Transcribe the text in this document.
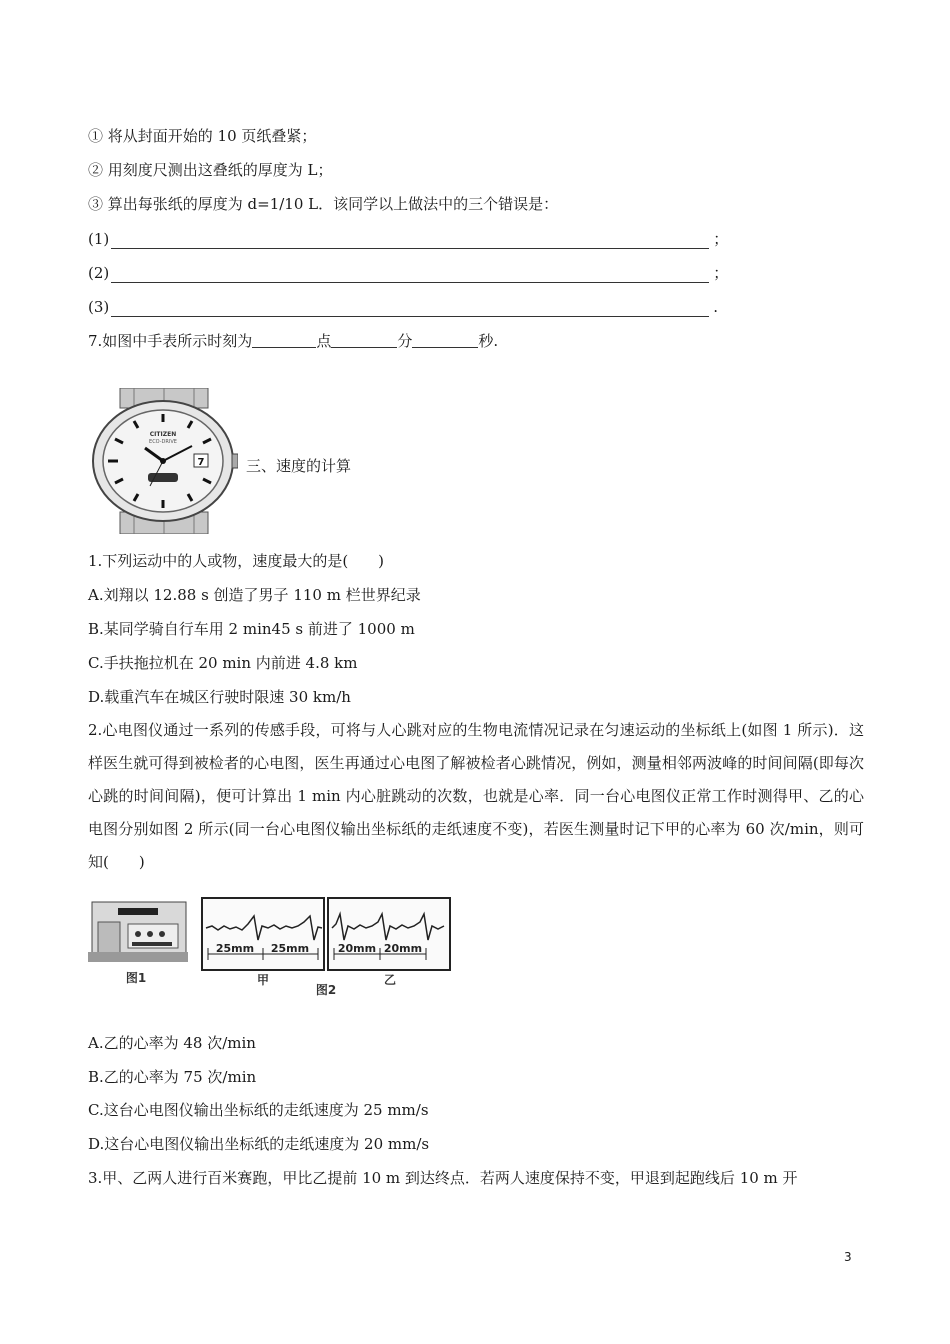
① 将从封面开始的 10 页纸叠紧；
② 用刻度尺测出这叠纸的厚度为 L；
③ 算出每张纸的厚度为 d=1/10 L．该同学以上做法中的三个错误是：
(1)	；
(2)	；
(3)	.
7.如图中手表所示时刻为	点	分	秒.
CITIZEN
ECO-DRIVE
7	三、速度的计算
1.下列运动中的人或物，速度最大的是(　　)
A.刘翔以 12.88 s 创造了男子 110 m 栏世界纪录
B.某同学骑自行车用 2 min45 s 前进了 1000 m
C.手扶拖拉机在 20 min 内前进 4.8 km
D.载重汽车在城区行驶时限速 30 km/h
2.心电图仪通过一系列的传感手段，可将与人心跳对应的生物电流情况记录在匀速运动的坐标纸上(如图 1 所示)．这样医生就可得到被检者的心电图，医生再通过心电图了解被检者心跳情况，例如，测量相邻两波峰的时间间隔(即每次心跳的时间间隔)，便可计算出 1 min 内心脏跳动的次数，也就是心率．同一台心电图仪正常工作时测得甲、乙的心电图分别如图 2 所示(同一台心电图仪输出坐标纸的走纸速度不变)，若医生测量时记下甲的心率为 60 次/min，则可知(　　)
图1
25mm 25mm
甲
20mm 20mm
乙
图2
A.乙的心率为 48 次/min
B.乙的心率为 75 次/min
C.这台心电图仪输出坐标纸的走纸速度为 25 mm/s
D.这台心电图仪输出坐标纸的走纸速度为 20 mm/s
3.甲、乙两人进行百米赛跑，甲比乙提前 10 m 到达终点．若两人速度保持不变，甲退到起跑线后 10 m 开
3
